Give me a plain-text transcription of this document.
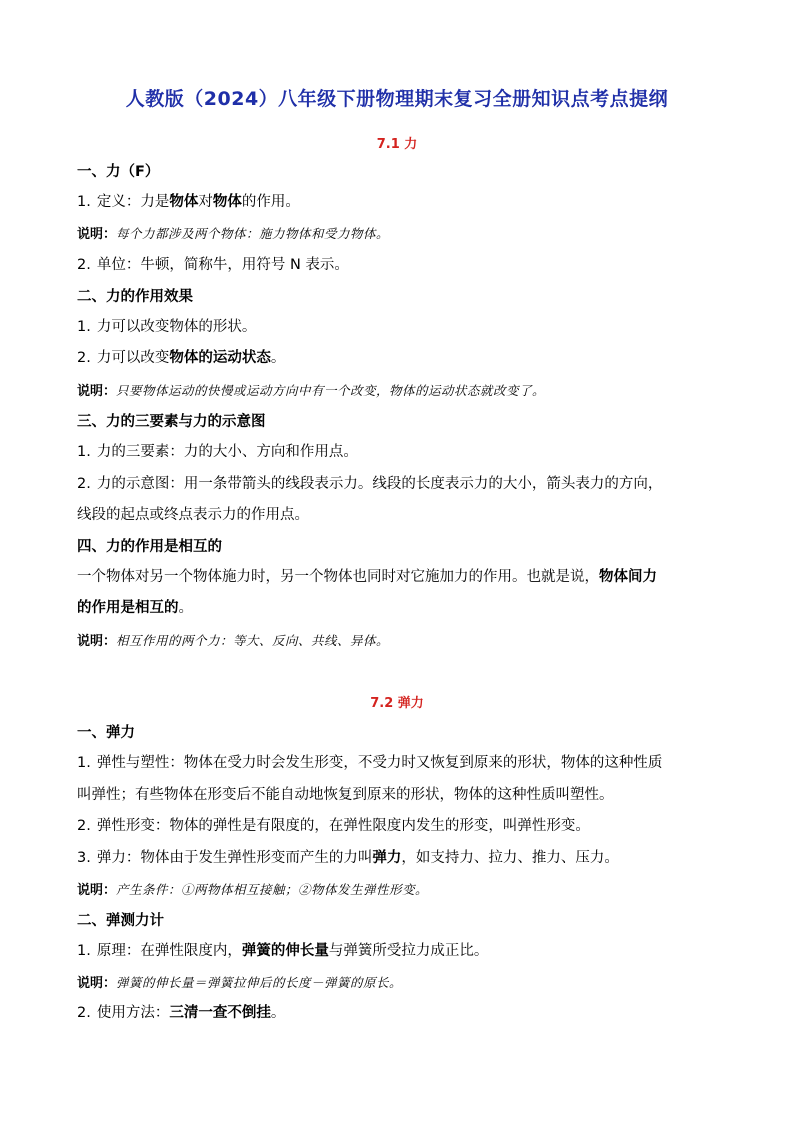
人教版（2024）八年级下册物理期末复习全册知识点考点提纲
7.1 力
一、力（F）
1. 定义：力是物体对物体的作用。
说明：每个力都涉及两个物体：施力物体和受力物体。
2. 单位：牛顿，简称牛，用符号 N 表示。
二、力的作用效果
1. 力可以改变物体的形状。
2. 力可以改变物体的运动状态。
说明：只要物体运动的快慢或运动方向中有一个改变，物体的运动状态就改变了。
三、力的三要素与力的示意图
1. 力的三要素：力的大小、方向和作用点。
2. 力的示意图：用一条带箭头的线段表示力。线段的长度表示力的大小，箭头表力的方向，
线段的起点或终点表示力的作用点。
四、力的作用是相互的
一个物体对另一个物体施力时，另一个物体也同时对它施加力的作用。也就是说，物体间力
的作用是相互的。
说明：相互作用的两个力：等大、反向、共线、异体。
7.2 弹力
一、弹力
1. 弹性与塑性：物体在受力时会发生形变，不受力时又恢复到原来的形状，物体的这种性质
叫弹性；有些物体在形变后不能自动地恢复到原来的形状，物体的这种性质叫塑性。
2. 弹性形变：物体的弹性是有限度的，在弹性限度内发生的形变，叫弹性形变。
3. 弹力：物体由于发生弹性形变而产生的力叫弹力，如支持力、拉力、推力、压力。
说明：产生条件：①两物体相互接触；②物体发生弹性形变。
二、弹测力计
1. 原理：在弹性限度内，弹簧的伸长量与弹簧所受拉力成正比。
说明：弹簧的伸长量＝弹簧拉伸后的长度－弹簧的原长。
2. 使用方法：三清一查不倒挂。
